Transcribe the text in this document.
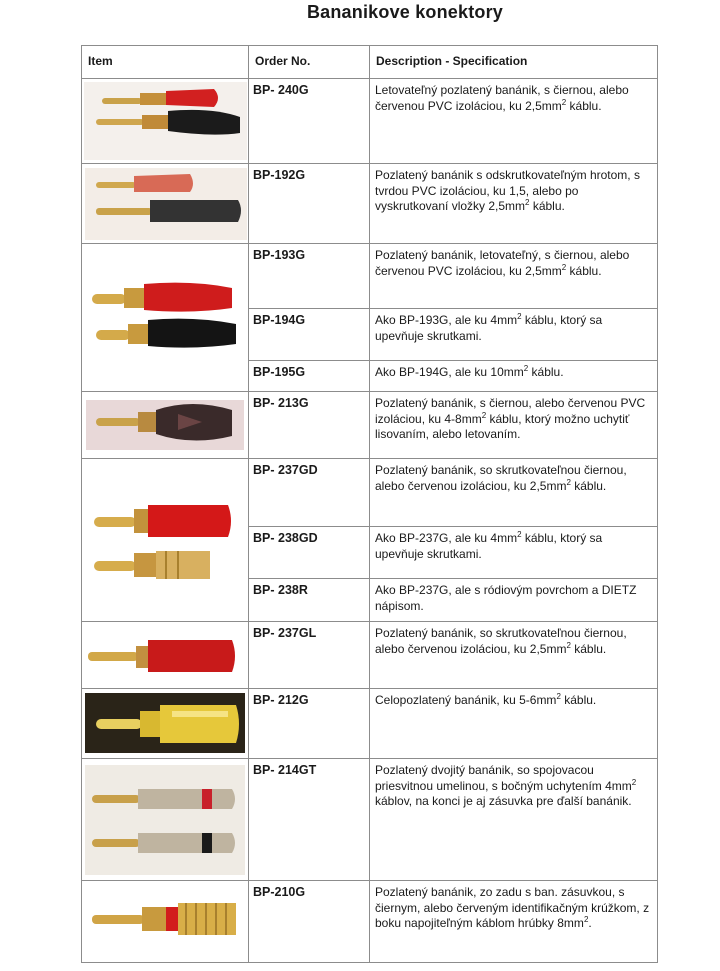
Bananikove konektory
Item	Order No.	Description - Specification

	BP- 240G	Letovateľný pozlatený banánik, s čiernou, alebo červenou PVC izoláciou, ku $2,5mm^2$ káblu.

	BP-192G	Pozlatený banánik s odskrutkovateľným hrotom, s tvrdou PVC izoláciou, ku 1,5, alebo po vyskrutkovaní vložky $2,5mm^2$ káblu.

	BP-193G	Pozlatený banánik, letovateľný, s čiernou, alebo červenou PVC izoláciou, ku $2,5mm^2$ káblu.
	BP-194G	Ako BP-193G, ale ku $4mm^2$ káblu, ktorý sa upevňuje skrutkami.
	BP-195G	Ako BP-194G, ale ku $10mm^2$ káblu.

	BP- 213G	Pozlatený banánik, s čiernou, alebo červenou PVC izoláciou, ku $4-8mm^2$ káblu, ktorý možno uchytiť lisovaním, alebo letovaním.

	BP- 237GD	Pozlatený banánik, so skrutkovateľnou čiernou, alebo červenou izoláciou, ku $2,5mm^2$ káblu.
	BP- 238GD	Ako BP-237G, ale ku $4mm^2$ káblu, ktorý sa upevňuje skrutkami.
	BP- 238R	Ako BP-237G, ale s ródiovým povrchom a DIETZ nápisom.

	BP- 237GL	Pozlatený banánik, so skrutkovateľnou čiernou, alebo červenou izoláciou, ku $2,5mm^2$ káblu.

	BP- 212G	Celopozlatený banánik, ku $5-6mm^2$ káblu.

	BP- 214GT	Pozlatený dvojitý banánik, so spojovacou priesvitnou umelinou, s bočným uchytením $4mm^2$ káblov, na konci je aj zásuvka pre ďalší banánik.

	BP-210G	Pozlatený banánik, zo zadu s ban. zásuvkou, s čiernym, alebo červeným identifikačným krúžkom, z boku napojiteľným káblom hrúbky $8mm^2$.
